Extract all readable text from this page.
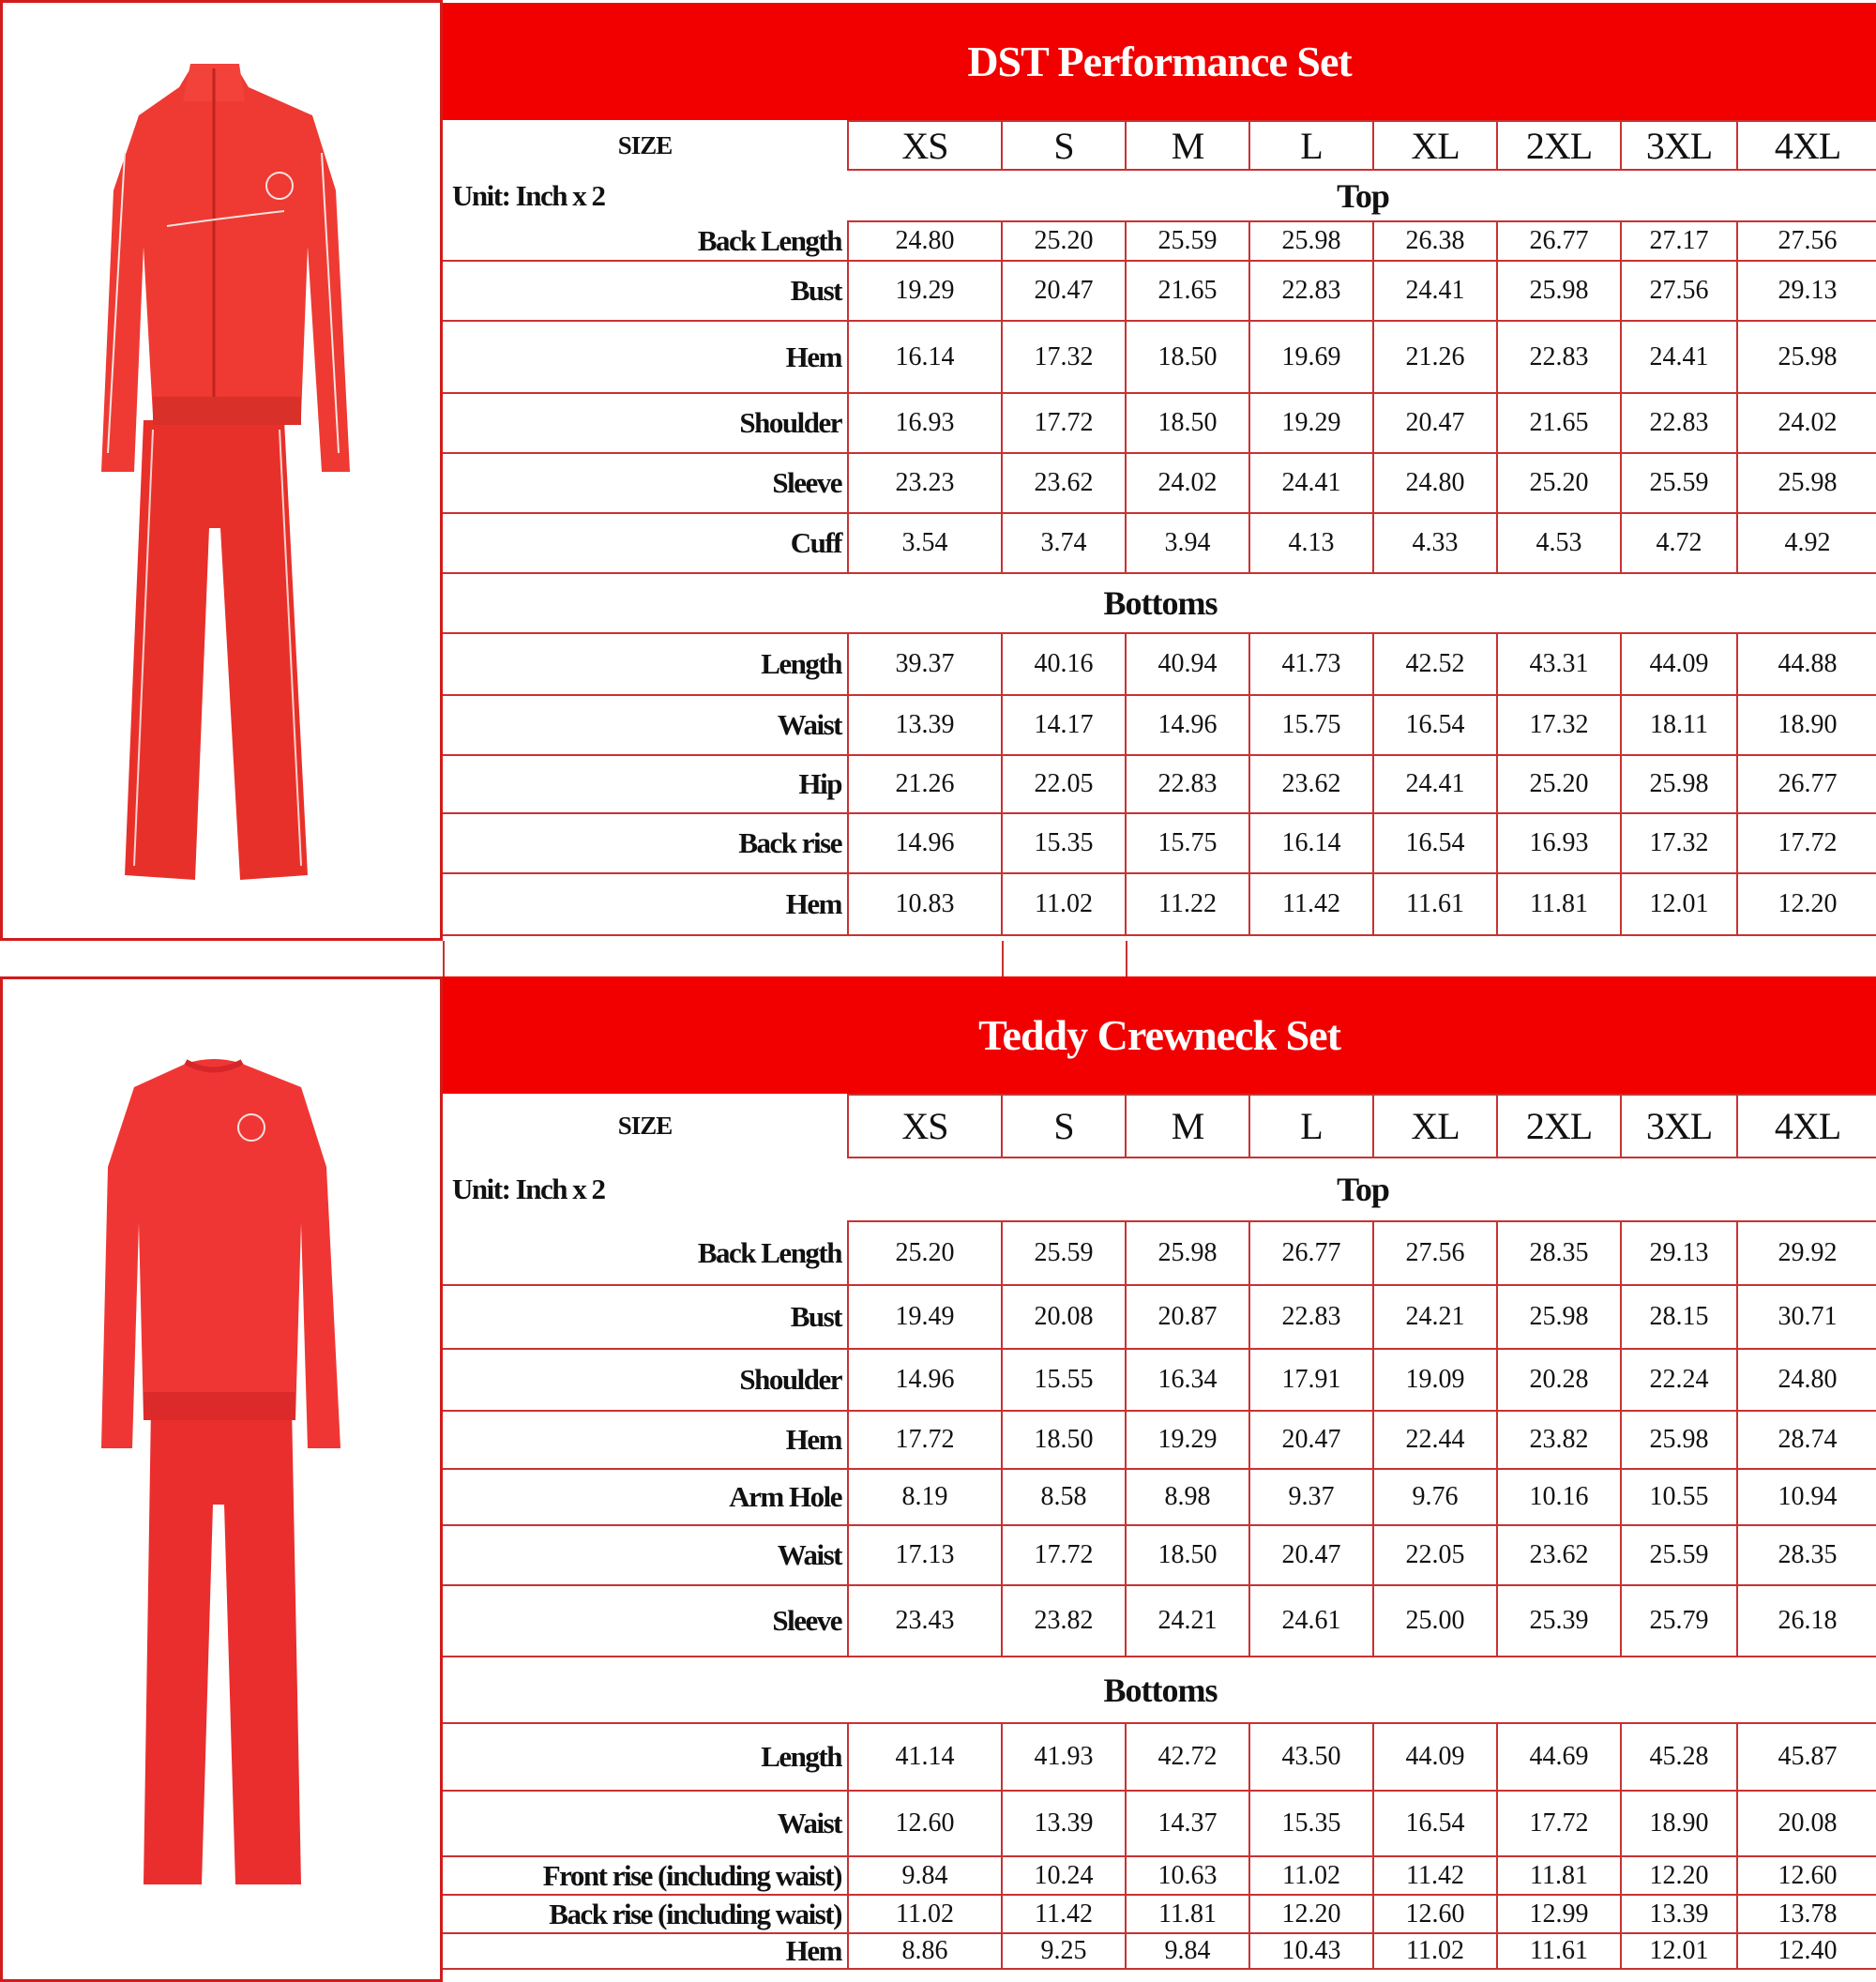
DST Performance Set
SIZE	XS	S	M	L	XL	2XL	3XL	4XL
Unit: Inch x 2	Top							
Back Length	24.80	25.20	25.59	25.98	26.38	26.77	27.17	27.56
Bust	19.29	20.47	21.65	22.83	24.41	25.98	27.56	29.13
Hem	16.14	17.32	18.50	19.69	21.26	22.83	24.41	25.98
Shoulder	16.93	17.72	18.50	19.29	20.47	21.65	22.83	24.02
Sleeve	23.23	23.62	24.02	24.41	24.80	25.20	25.59	25.98
Cuff	3.54	3.74	3.94	4.13	4.33	4.53	4.72	4.92
Bottoms								
Length	39.37	40.16	40.94	41.73	42.52	43.31	44.09	44.88
Waist	13.39	14.17	14.96	15.75	16.54	17.32	18.11	18.90
Hip	21.26	22.05	22.83	23.62	24.41	25.20	25.98	26.77
Back rise	14.96	15.35	15.75	16.14	16.54	16.93	17.32	17.72
Hem	10.83	11.02	11.22	11.42	11.61	11.81	12.01	12.20
Teddy Crewneck Set
SIZE	XS	S	M	L	XL	2XL	3XL	4XL
Unit: Inch x 2	Top							
Back Length	25.20	25.59	25.98	26.77	27.56	28.35	29.13	29.92
Bust	19.49	20.08	20.87	22.83	24.21	25.98	28.15	30.71
Shoulder	14.96	15.55	16.34	17.91	19.09	20.28	22.24	24.80
Hem	17.72	18.50	19.29	20.47	22.44	23.82	25.98	28.74
Arm Hole	8.19	8.58	8.98	9.37	9.76	10.16	10.55	10.94
Waist	17.13	17.72	18.50	20.47	22.05	23.62	25.59	28.35
Sleeve	23.43	23.82	24.21	24.61	25.00	25.39	25.79	26.18
Bottoms								
Length	41.14	41.93	42.72	43.50	44.09	44.69	45.28	45.87
Waist	12.60	13.39	14.37	15.35	16.54	17.72	18.90	20.08
Front rise (including waist)	9.84	10.24	10.63	11.02	11.42	11.81	12.20	12.60
Back rise (including waist)	11.02	11.42	11.81	12.20	12.60	12.99	13.39	13.78
Hem	8.86	9.25	9.84	10.43	11.02	11.61	12.01	12.40
